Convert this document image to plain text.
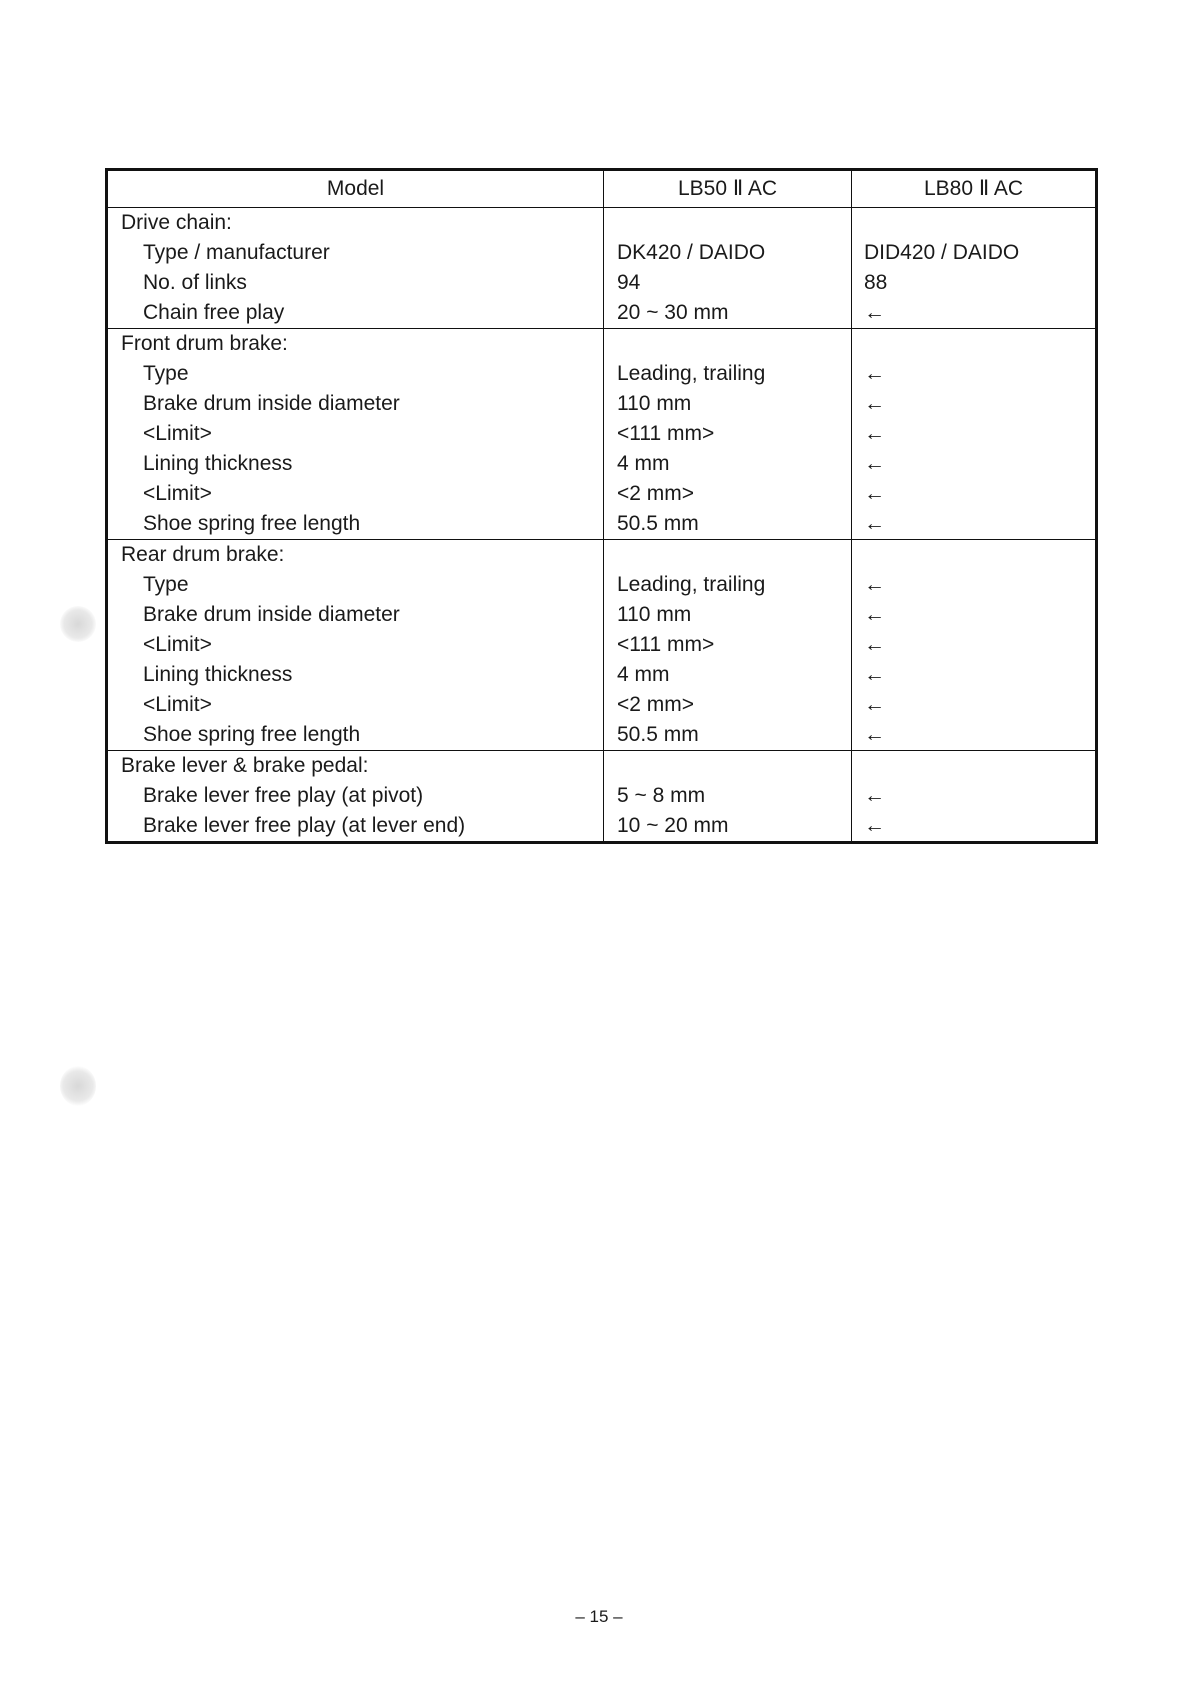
Model	LB50 Ⅱ AC	LB80 Ⅱ AC
Drive chain:		
Type / manufacturer	DK420 / DAIDO	DID420 / DAIDO
No. of links	94	88
Chain free play	20 ~ 30 mm	←
Front drum brake:		
Type	Leading, trailing	←
Brake drum inside diameter	110 mm	←
<Limit>	<111 mm>	←
Lining thickness	4 mm	←
<Limit>	<2 mm>	←
Shoe spring free length	50.5 mm	←
Rear drum brake:		
Type	Leading, trailing	←
Brake drum inside diameter	110 mm	←
<Limit>	<111 mm>	←
Lining thickness	4 mm	←
<Limit>	<2 mm>	←
Shoe spring free length	50.5 mm	←
Brake lever & brake pedal:		
Brake lever free play (at pivot)	5 ~ 8 mm	←
Brake lever free play (at lever end)	10 ~ 20 mm	←
– 15 –
